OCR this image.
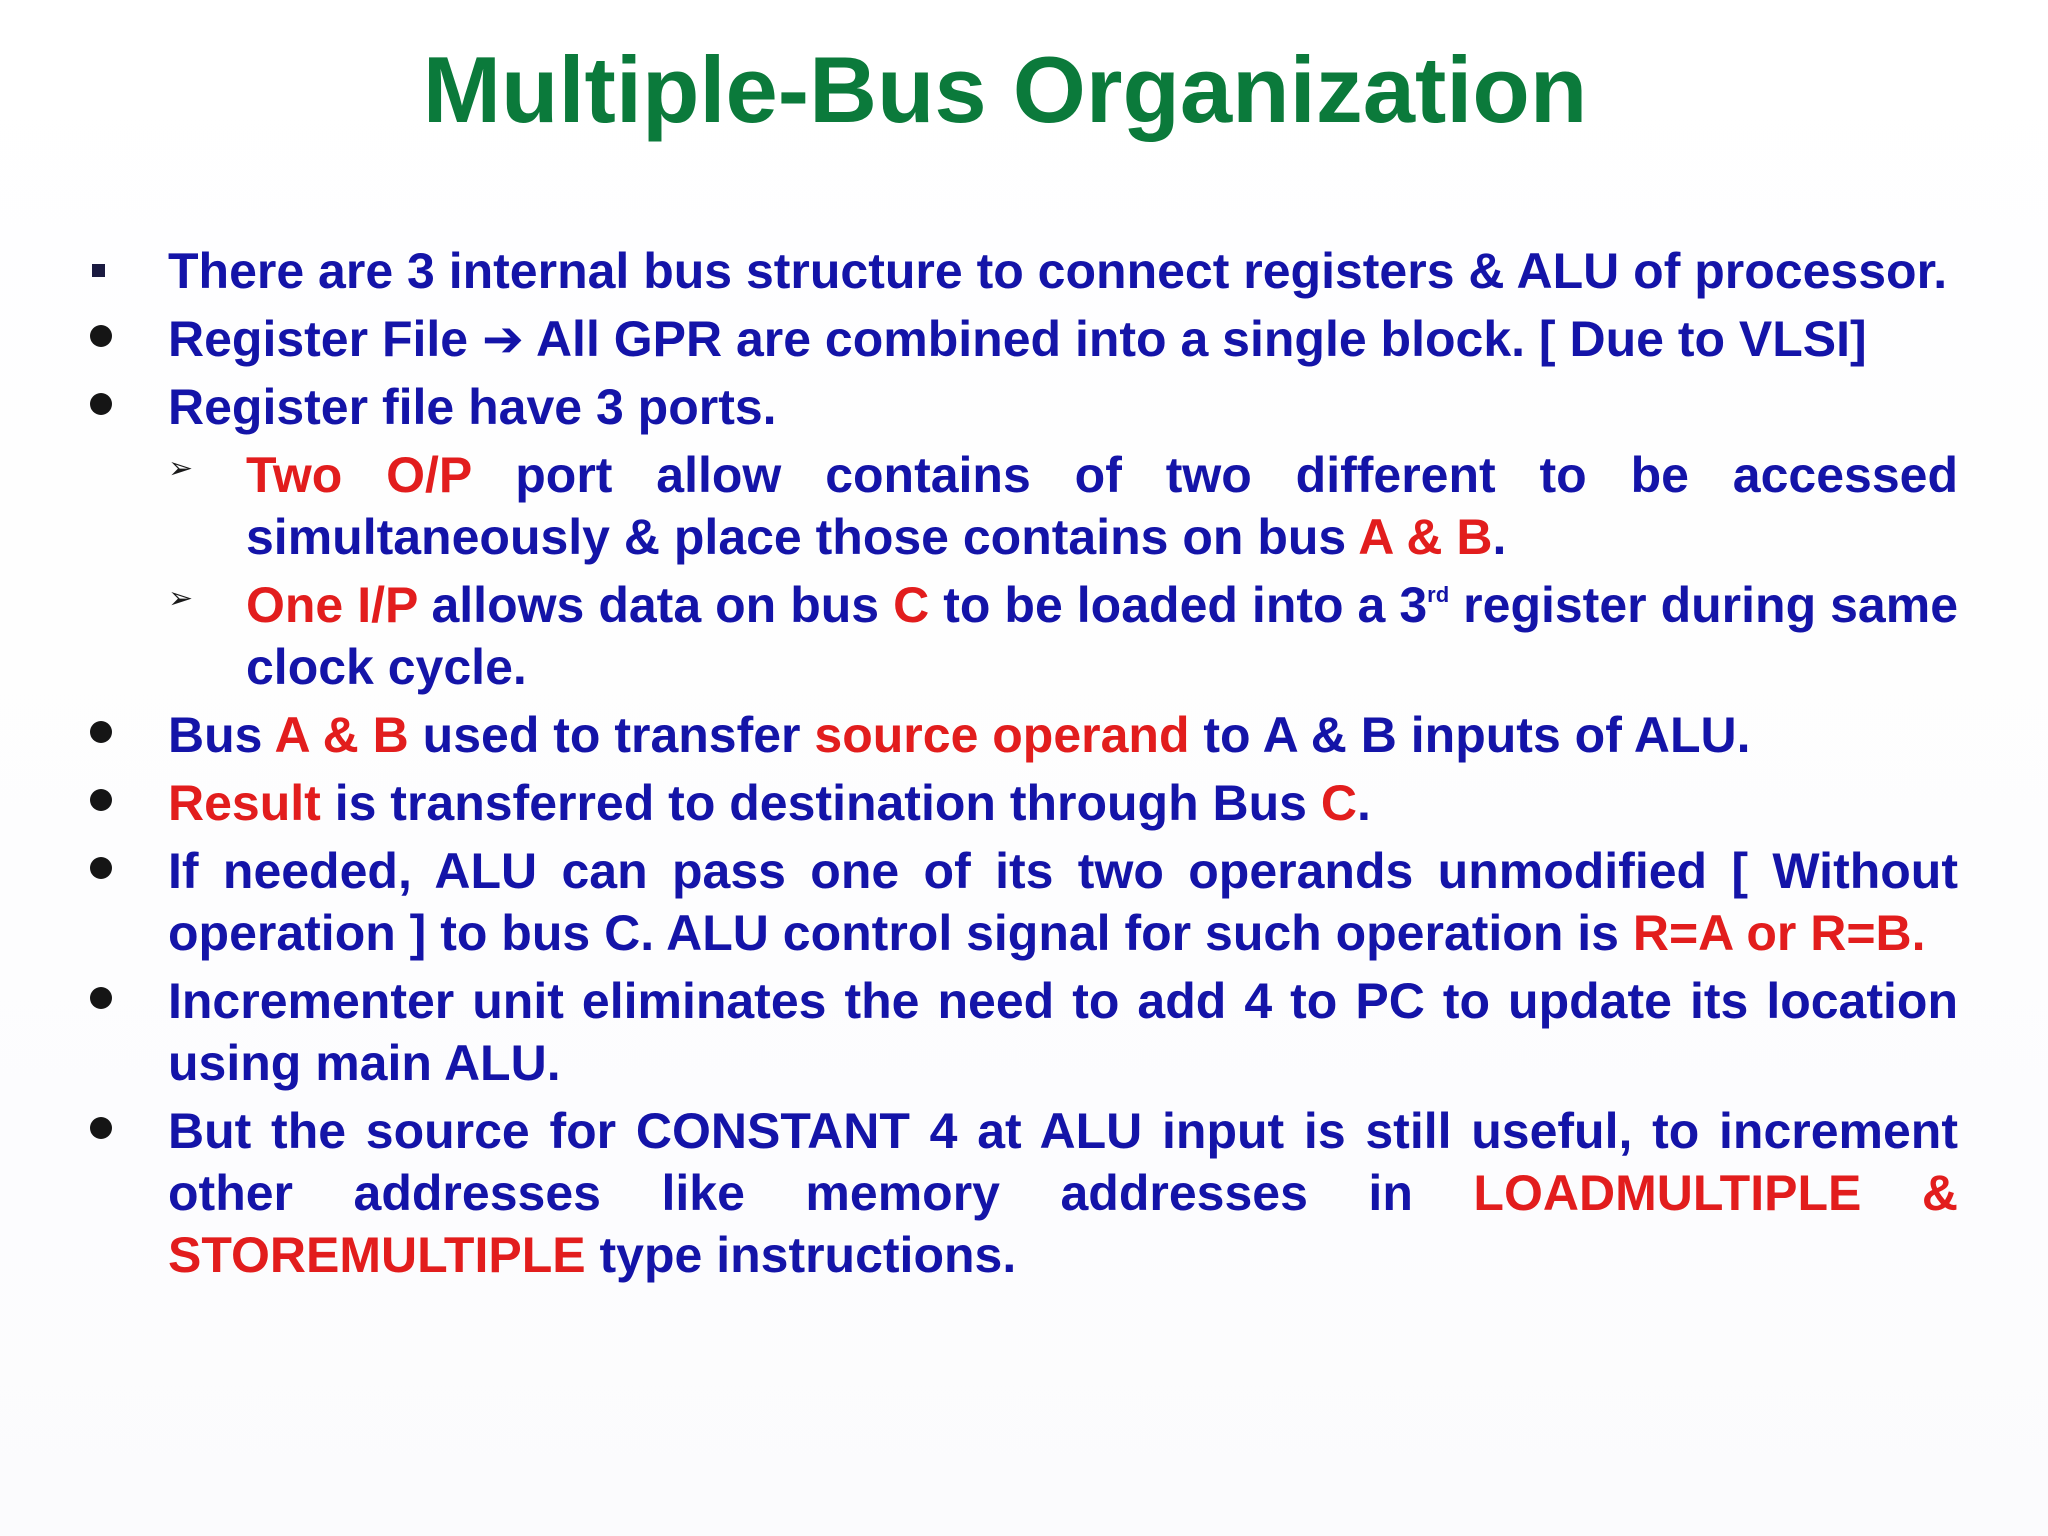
Multiple-Bus Organization
There are 3 internal bus structure to connect registers & ALU of processor.
Register File ➔ All GPR are combined into a single block. [ Due to VLSI]
Register file have 3 ports.
➢ Two O/P port allow contains of two different to be accessed simultaneously & place those contains on bus A & B.
➢ One I/P allows data on bus C to be loaded into a 3rd register during same clock cycle.
Bus A & B used to transfer source operand to A & B inputs of ALU.
Result is transferred to destination through Bus C.
If needed, ALU can pass one of its two operands unmodified [ Without operation ] to bus C. ALU control signal for such operation is R=A or R=B.
Incrementer unit eliminates the need to add 4 to PC to update its location using main ALU.
But the source for CONSTANT 4 at ALU input is still useful, to increment other addresses like memory addresses in LOADMULTIPLE & STOREMULTIPLE type instructions.
